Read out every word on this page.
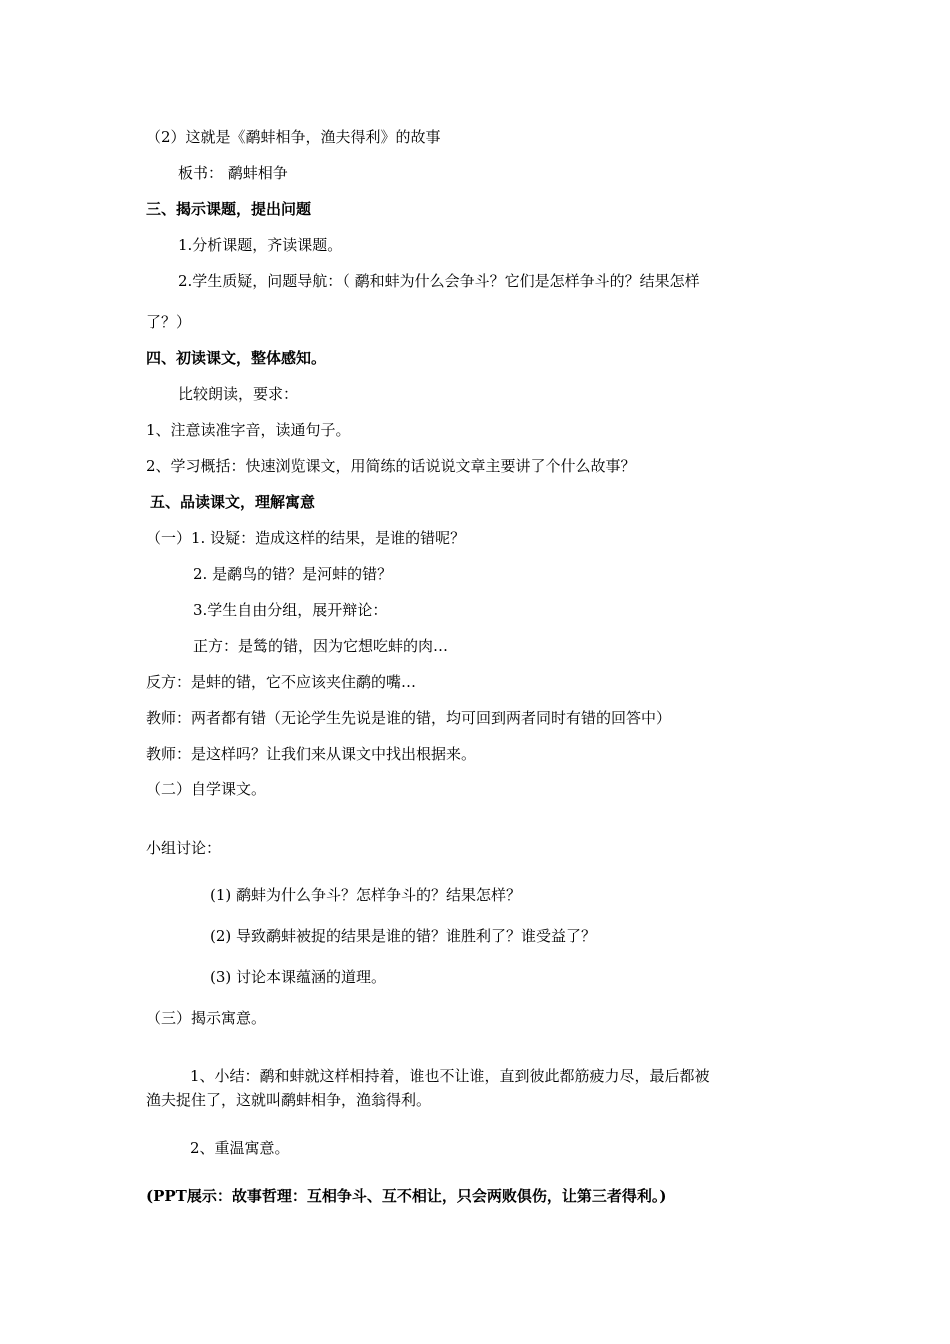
（2）这就是《鹬蚌相争，渔夫得利》的故事
板书： 鹬蚌相争
三、揭示课题，提出问题
1.分析课题，齐读课题。
2.学生质疑，问题导航：（ 鹬和蚌为什么会争斗？它们是怎样争斗的？结果怎样
了？）
四、初读课文，整体感知。
比较朗读，要求：
1、注意读准字音，读通句子。
2、学习概括：快速浏览课文，用简练的话说说文章主要讲了个什么故事？
五、品读课文，理解寓意
（一）1. 设疑：造成这样的结果，是谁的错呢？
2. 是鹬鸟的错？是河蚌的错？
3.学生自由分组，展开辩论：
正方：是鸶的错，因为它想吃蚌的肉…
反方：是蚌的错，它不应该夹住鹬的嘴…
教师：两者都有错（无论学生先说是谁的错，均可回到两者同时有错的回答中）
教师：是这样吗？让我们来从课文中找出根据来。
（二）自学课文。
小组讨论：
(1) 鹬蚌为什么争斗？怎样争斗的？结果怎样？
(2) 导致鹬蚌被捉的结果是谁的错？谁胜利了？谁受益了？
(3) 讨论本课蕴涵的道理。
（三）揭示寓意。
1、小结：鹬和蚌就这样相持着，谁也不让谁，直到彼此都筋疲力尽，最后都被
渔夫捉住了，这就叫鹬蚌相争，渔翁得利。
2、重温寓意。
(PPT展示：故事哲理：互相争斗、互不相让，只会两败俱伤，让第三者得利。)
